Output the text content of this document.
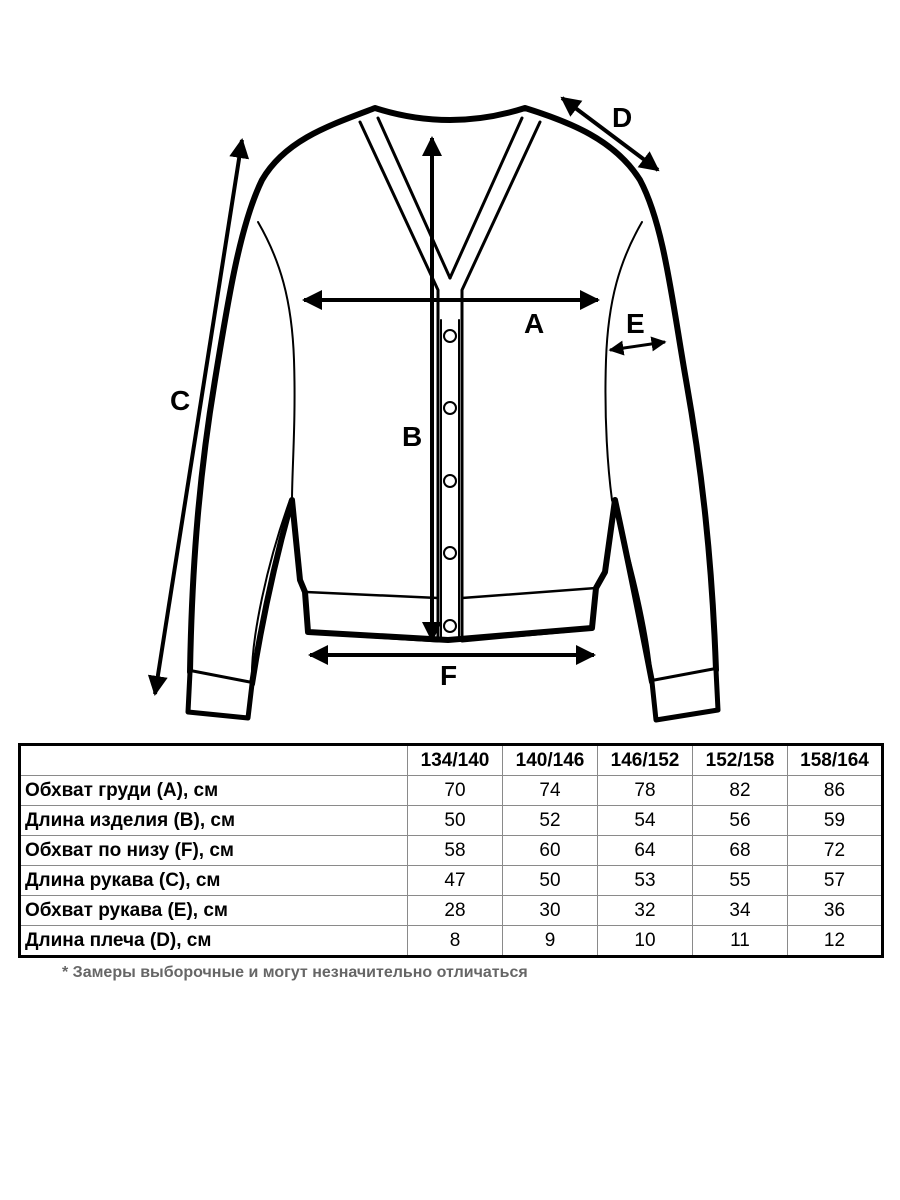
A
B
C
D
E
F
	134/140	140/146	146/152	152/158	158/164
Обхват груди (А), см	70	74	78	82	86
Длина изделия (В), см	50	52	54	56	59
Обхват по низу (F), см	58	60	64	68	72
Длина рукава (С), см	47	50	53	55	57
Обхват рукава (Е), см	28	30	32	34	36
Длина плеча (D), см	8	9	10	11	12
* Замеры выборочные и могут незначительно отличаться
